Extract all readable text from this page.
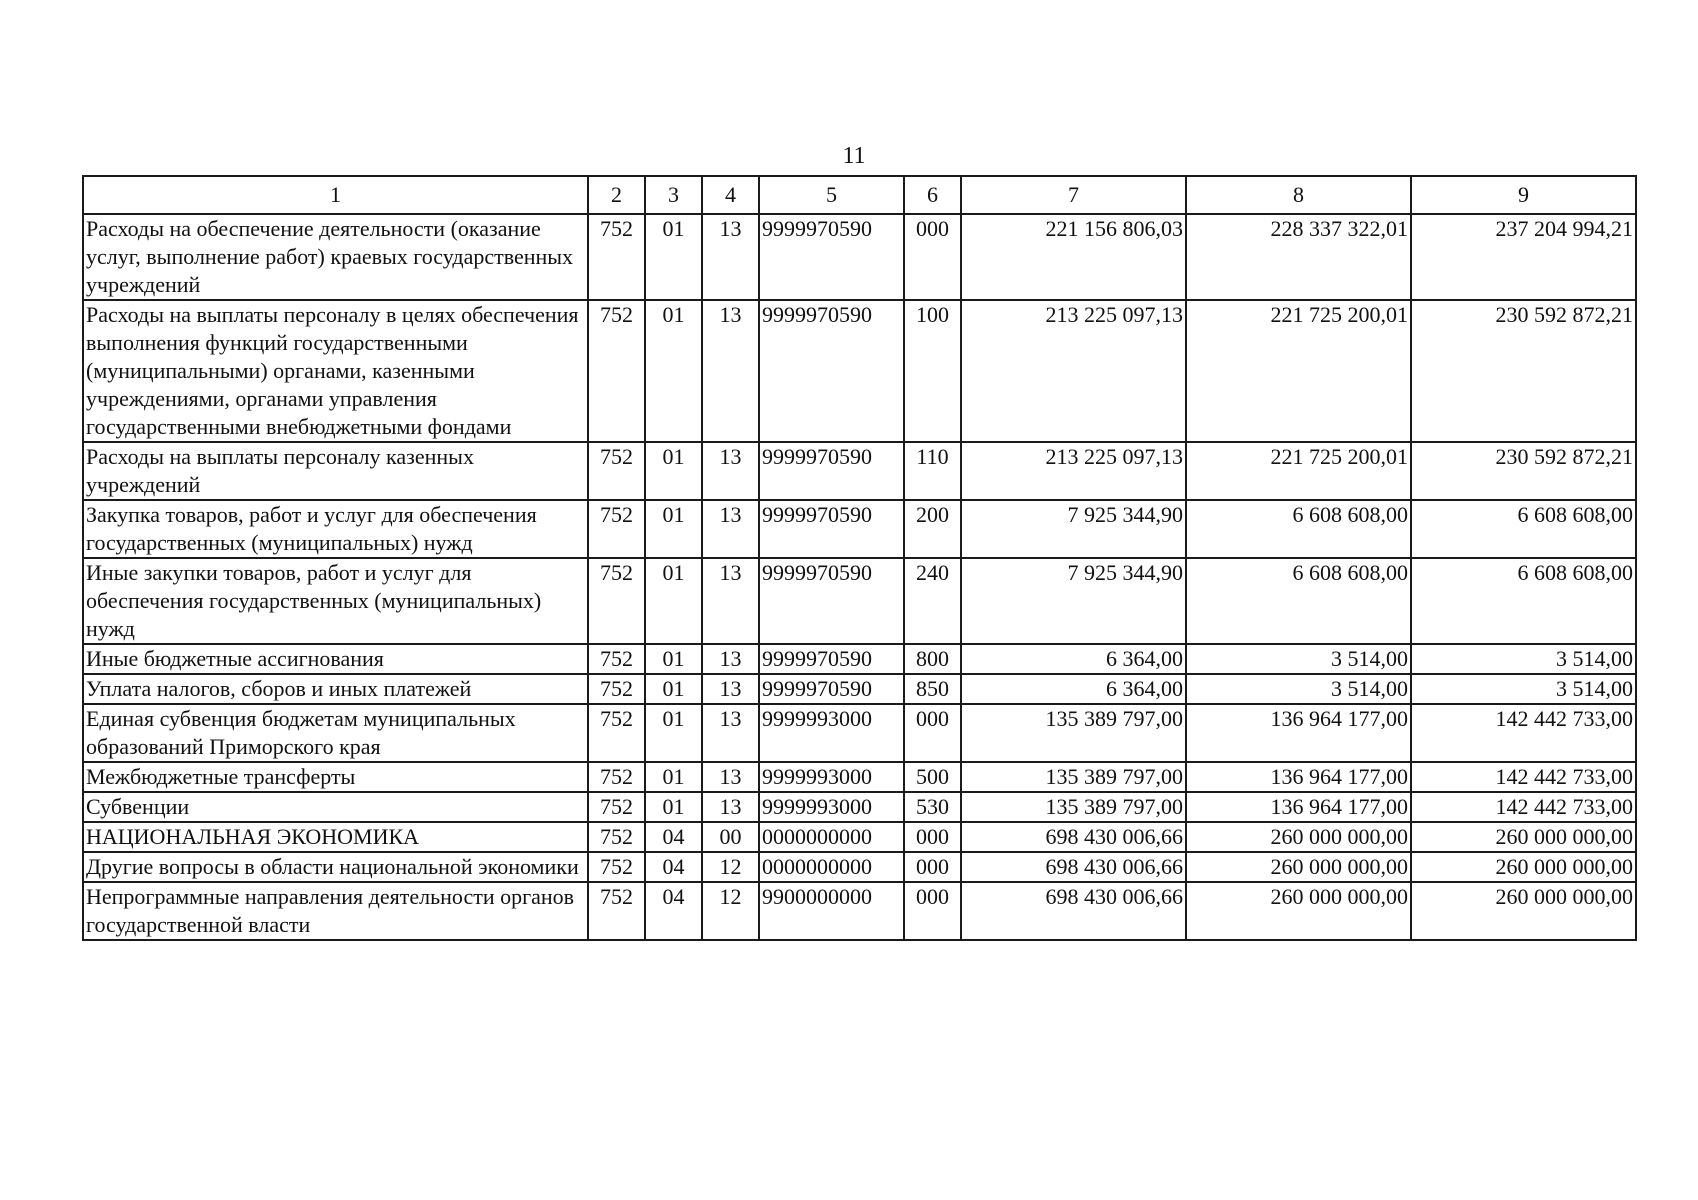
11
1	2	3	4	5	6	7	8	9
Расходы на обеспечение деятельности (оказание услуг, выполнение работ) краевых государственных учреждений	752	01	13	9999970590	000	221 156 806,03	228 337 322,01	237 204 994,21
Расходы на выплаты персоналу в целях обеспечения выполнения функций государственными (муниципальными) органами, казенными учреждениями, органами управления государственными внебюджетными фондами	752	01	13	9999970590	100	213 225 097,13	221 725 200,01	230 592 872,21
Расходы на выплаты персоналу казенных учреждений	752	01	13	9999970590	110	213 225 097,13	221 725 200,01	230 592 872,21
Закупка товаров, работ и услуг для обеспечения государственных (муниципальных) нужд	752	01	13	9999970590	200	7 925 344,90	6 608 608,00	6 608 608,00
Иные закупки товаров, работ и услуг для обеспечения государственных (муниципальных) нужд	752	01	13	9999970590	240	7 925 344,90	6 608 608,00	6 608 608,00
Иные бюджетные ассигнования	752	01	13	9999970590	800	6 364,00	3 514,00	3 514,00
Уплата налогов, сборов и иных платежей	752	01	13	9999970590	850	6 364,00	3 514,00	3 514,00
Единая субвенция бюджетам муниципальных образований Приморского края	752	01	13	9999993000	000	135 389 797,00	136 964 177,00	142 442 733,00
Межбюджетные трансферты	752	01	13	9999993000	500	135 389 797,00	136 964 177,00	142 442 733,00
Субвенции	752	01	13	9999993000	530	135 389 797,00	136 964 177,00	142 442 733,00
НАЦИОНАЛЬНАЯ ЭКОНОМИКА	752	04	00	0000000000	000	698 430 006,66	260 000 000,00	260 000 000,00
Другие вопросы в области национальной экономики	752	04	12	0000000000	000	698 430 006,66	260 000 000,00	260 000 000,00
Непрограммные направления деятельности органов государственной власти	752	04	12	9900000000	000	698 430 006,66	260 000 000,00	260 000 000,00
